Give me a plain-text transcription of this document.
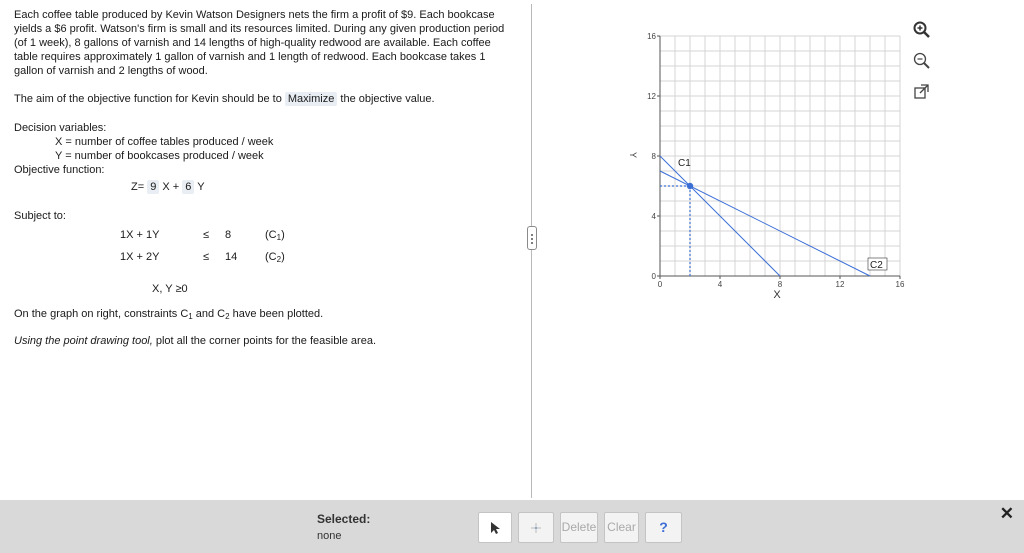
Each coffee table produced by Kevin Watson Designers nets the firm a profit of $9. Each bookcase yields a $6 profit. Watson's firm is small and its resources limited. During any given production period (of 1 week), 8 gallons of varnish and 14 lengths of high-quality redwood are available. Each coffee table requires approximately 1 gallon of varnish and 1 length of redwood. Each bookcase takes 1 gallon of varnish and 2 lengths of wood.
The aim of the objective function for Kevin should be to Maximize the objective value.
Decision variables:
X = number of coffee tables produced / week
Y = number of bookcases produced / week
Objective function:
Z= 9 X + 6 Y
Subject to:
1X + 1Y	≤ 8	$(C_1)$
1X + 2Y	≤ 14	$(C_2)$
X, Y ≥0
On the graph on right, constraints $C_1$ and $C_2$ have been plotted.
Using the point drawing tool, plot all the corner points for the feasible area.
0	4	8	12	16
16
12
8
4
0
X
Y
C1
C2
Selected:
none
Delete Clear	?
✕
